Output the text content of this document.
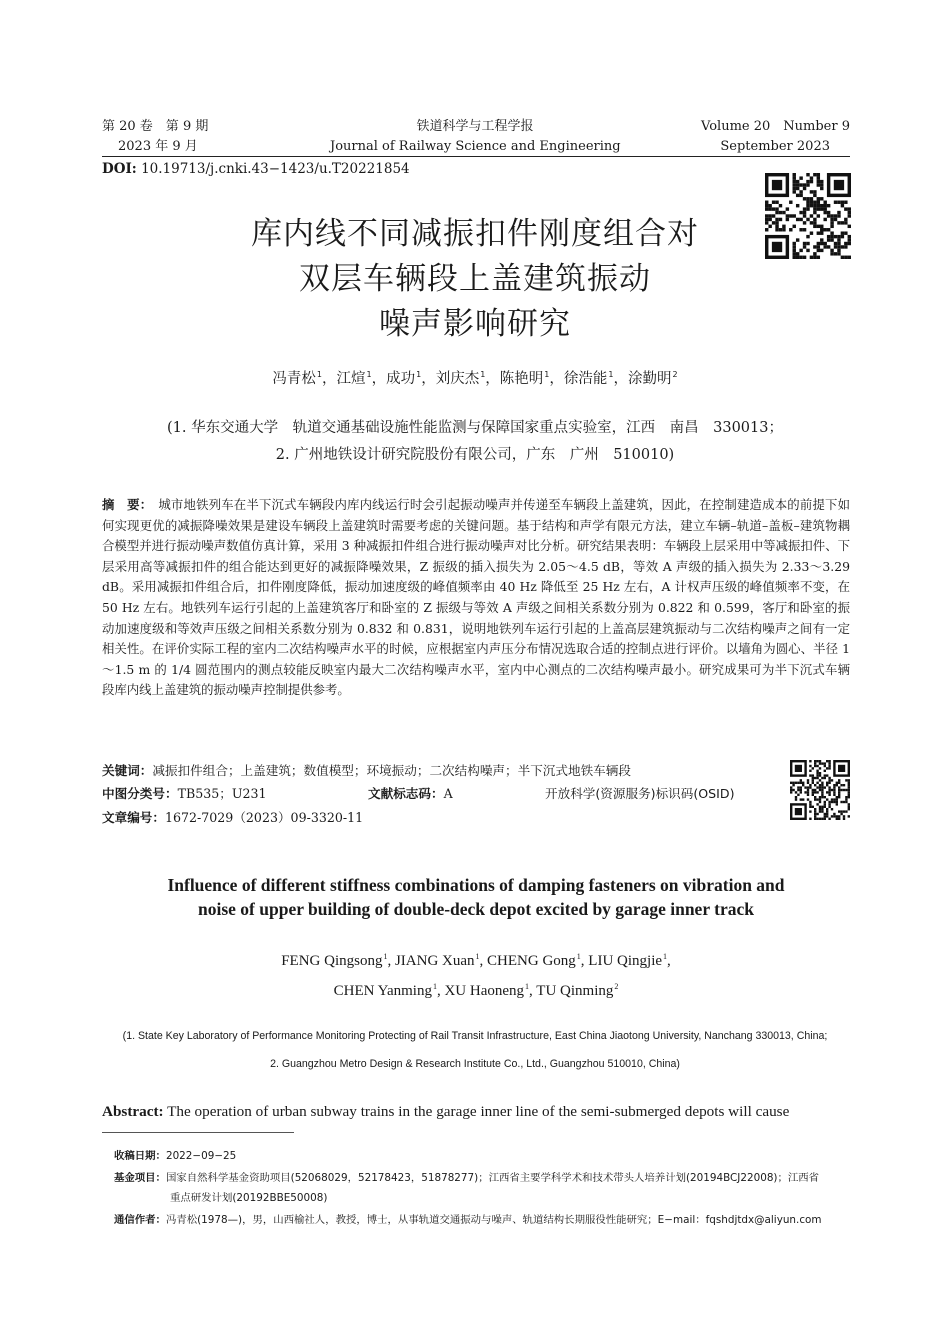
第 20 卷　第 9 期
2023 年 9 月
铁道科学与工程学报
Journal of Railway Science and Engineering
Volume 20　Number 9
September 2023
DOI: 10.19713/j.cnki.43−1423/u.T20221854
库内线不同减振扣件刚度组合对
双层车辆段上盖建筑振动
噪声影响研究
冯青松$^1$，江煊$^1$，成功$^1$，刘庆杰$^1$，陈艳明$^1$，徐浩能$^1$，涂勤明$^2$
(1. 华东交通大学　轨道交通基础设施性能监测与保障国家重点实验室，江西　南昌　330013；
2. 广州地铁设计研究院股份有限公司，广东　广州　510010)
摘　要： 城市地铁列车在半下沉式车辆段内库内线运行时会引起振动噪声并传递至车辆段上盖建筑，因此，在控制建造成本的前提下如何实现更优的减振降噪效果是建设车辆段上盖建筑时需要考虑的关键问题。基于结构和声学有限元方法，建立车辆–轨道–盖板–建筑物耦合模型并进行振动噪声数值仿真计算，采用 3 种减振扣件组合进行振动噪声对比分析。研究结果表明：车辆段上层采用中等减振扣件、下层采用高等减振扣件的组合能达到更好的减振降噪效果，Z 振级的插入损失为 2.05～4.5 dB，等效 A 声级的插入损失为 2.33～3.29 dB。采用减振扣件组合后，扣件刚度降低，振动加速度级的峰值频率由 40 Hz 降低至 25 Hz 左右，A 计权声压级的峰值频率不变，在 50 Hz 左右。地铁列车运行引起的上盖建筑客厅和卧室的 Z 振级与等效 A 声级之间相关系数分别为 0.822 和 0.599，客厅和卧室的振动加速度级和等效声压级之间相关系数分别为 0.832 和 0.831，说明地铁列车运行引起的上盖高层建筑振动与二次结构噪声之间有一定相关性。在评价实际工程的室内二次结构噪声水平的时候，应根据室内声压分布情况选取合适的控制点进行评价。以墙角为圆心、半径 1～1.5 m 的 1/4 圆范围内的测点较能反映室内最大二次结构噪声水平，室内中心测点的二次结构噪声最小。研究成果可为半下沉式车辆段库内线上盖建筑的振动噪声控制提供参考。
关键词：减振扣件组合；上盖建筑；数值模型；环境振动；二次结构噪声；半下沉式地铁车辆段
中图分类号：TB535；U231	文献标志码：A	开放科学(资源服务)标识码(OSID)
文章编号：1672-7029（2023）09-3320-11
Influence of different stiffness combinations of damping fasteners on vibration and
noise of upper building of double-deck depot excited by garage inner track
FENG Qingsong$^1$, JIANG Xuan$^1$, CHENG Gong$^1$, LIU Qingjie$^1$,
CHEN Yanming$^1$, XU Haoneng$^1$, TU Qinming$^2$
(1. State Key Laboratory of Performance Monitoring Protecting of Rail Transit Infrastructure, East China Jiaotong University, Nanchang 330013, China;
2. Guangzhou Metro Design & Research Institute Co., Ltd., Guangzhou 510010, China)
Abstract: The operation of urban subway trains in the garage inner line of the semi-submerged depots will cause
收稿日期：2022−09−25
基金项目：国家自然科学基金资助项目(52068029，52178423，51878277)；江西省主要学科学术和技术带头人培养计划(20194BCJ22008)；江西省
重点研发计划(20192BBE50008)
通信作者：冯青松(1978—)，男，山西榆社人，教授，博士，从事轨道交通振动与噪声、轨道结构长期服役性能研究；E−mail：fqshdjtdx@aliyun.com
